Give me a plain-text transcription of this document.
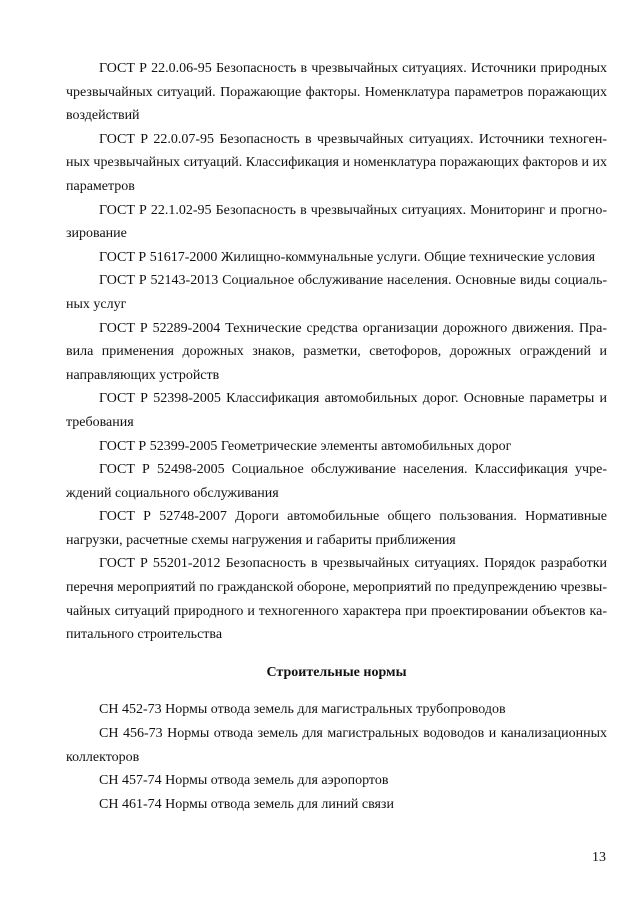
ГОСТ Р 22.0.06-95 Безопасность в чрезвычайных ситуациях. Источники природных чрезвычайных ситуаций. Поражающие факторы. Номенклатура параметров поражающих воздействий

ГОСТ Р 22.0.07-95 Безопасность в чрезвычайных ситуациях. Источники техногенных чрезвычайных ситуаций. Классификация и номенклатура поражающих факторов и их параметров

ГОСТ Р 22.1.02-95 Безопасность в чрезвычайных ситуациях. Мониторинг и прогнозирование

ГОСТ Р 51617-2000 Жилищно-коммунальные услуги. Общие технические условия

ГОСТ Р 52143-2013 Социальное обслуживание населения. Основные виды социальных услуг

ГОСТ Р 52289-2004 Технические средства организации дорожного движения. Правила применения дорожных знаков, разметки, светофоров, дорожных ограждений и направляющих устройств

ГОСТ Р 52398-2005 Классификация автомобильных дорог. Основные параметры и требования

ГОСТ Р 52399-2005 Геометрические элементы автомобильных дорог

ГОСТ Р 52498-2005 Социальное обслуживание населения. Классификация учреждений социального обслуживания

ГОСТ Р 52748-2007 Дороги автомобильные общего пользования. Нормативные нагрузки, расчетные схемы нагружения и габариты приближения

ГОСТ Р 55201-2012 Безопасность в чрезвычайных ситуациях. Порядок разработки перечня мероприятий по гражданской обороне, мероприятий по предупреждению чрезвычайных ситуаций природного и техногенного характера при проектировании объектов капитального строительства

Строительные нормы

СН 452-73 Нормы отвода земель для магистральных трубопроводов

СН 456-73 Нормы отвода земель для магистральных водоводов и канализационных коллекторов

СН 457-74 Нормы отвода земель для аэропортов

СН 461-74 Нормы отвода земель для линий связи

13
